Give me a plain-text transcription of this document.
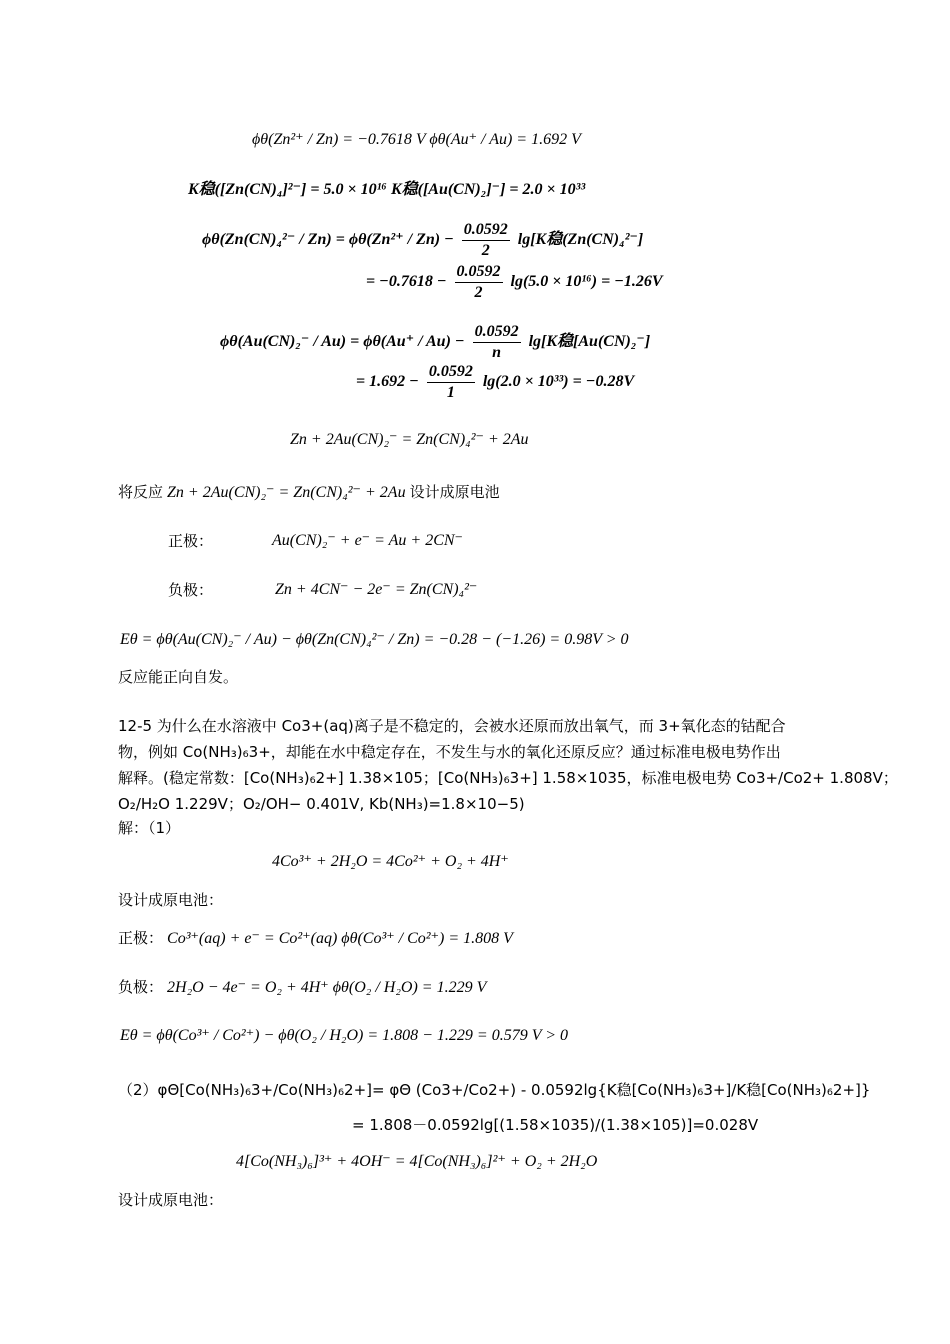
ϕθ(Zn²⁺ / Zn) = −0.7618 V ϕθ(Au⁺ / Au) = 1.692 V
K稳([Zn(CN)₄]²⁻] = 5.0 × 10¹⁶ K稳([Au(CN)₂]⁻] = 2.0 × 10³³
$\phi\theta(Zn(CN)_4^{2-} / Zn) = \phi\theta(Zn^{2+} / Zn) - \frac{0.0592}{2} \lg[K$稳(Zn(CN)₄²⁻]
= $-0.7618 - \frac{0.0592}{2} \lg(5.0 \times 10^{16}) = -1.26V$
$\phi\theta(Au(CN)_2^- / Au) = \phi\theta(Au^+ / Au) - \frac{0.0592}{n} \lg[K$稳[Au(CN)₂⁻]
= $1.692 - \frac{0.0592}{1} \lg(2.0 \times 10^{33}) = -0.28V$
Zn + 2Au(CN)₂⁻ = Zn(CN)₄²⁻ + 2Au
将反应 Zn + 2Au(CN)₂⁻ = Zn(CN)₄²⁻ + 2Au 设计成原电池
正极：	Au(CN)₂⁻ + e⁻ = Au + 2CN⁻
负极：	Zn + 4CN⁻ − 2e⁻ = Zn(CN)₄²⁻
Eθ = ϕθ(Au(CN)₂⁻ / Au) − ϕθ(Zn(CN)₄²⁻ / Zn) = −0.28 − (−1.26) = 0.98V > 0
反应能正向自发。
12-5 为什么在水溶液中 Co3+(aq)离子是不稳定的，会被水还原而放出氧气，而 3+氧化态的钴配合
物，例如 Co(NH₃)₆3+，却能在水中稳定存在，不发生与水的氧化还原反应？通过标准电极电势作出
解释。(稳定常数：[Co(NH₃)₆2+] 1.38×105；[Co(NH₃)₆3+] 1.58×1035，标准电极电势 Co3+/Co2+ 1.808V；
O₂/H₂O 1.229V；O₂/OH− 0.401V, Kb(NH₃)=1.8×10−5)
解：（1）
4Co³⁺ + 2H₂O = 4Co²⁺ + O₂ + 4H⁺
设计成原电池：
正极： Co³⁺(aq) + e⁻ = Co²⁺(aq) ϕθ(Co³⁺ / Co²⁺) = 1.808 V
负极： 2H₂O − 4e⁻ = O₂ + 4H⁺ ϕθ(O₂ / H₂O) = 1.229 V
Eθ = ϕθ(Co³⁺ / Co²⁺) − ϕθ(O₂ / H₂O) = 1.808 − 1.229 = 0.579 V > 0
（2）φΘ[Co(NH₃)₆3+/Co(NH₃)₆2+]= φΘ (Co3+/Co2+) - 0.0592lg{K稳[Co(NH₃)₆3+]/K稳[Co(NH₃)₆2+]}
= 1.808－0.0592lg[(1.58×1035)/(1.38×105)]=0.028V
4[Co(NH₃)₆]³⁺ + 4OH⁻ = 4[Co(NH₃)₆]²⁺ + O₂ + 2H₂O
设计成原电池：
